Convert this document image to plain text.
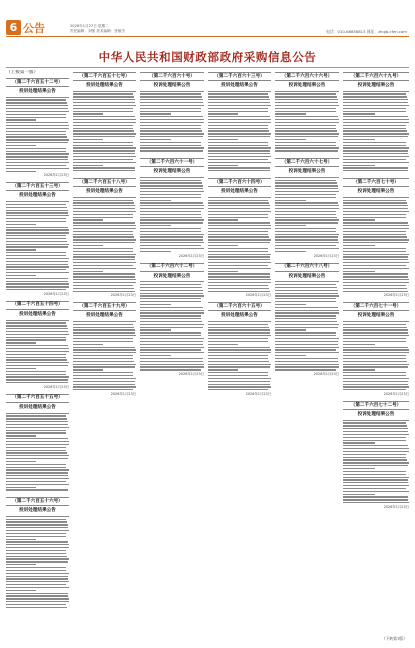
6 公告	2026年1月27日 星期二
责任编辑：刘强 美术编辑：张敏杰	电话：010-68858813 网址：zfcgb.cfen.com
中华人民共和国财政部政府采购信息公告
（上接第一版）
（第二千六百五十二号）
投诉处理结果公告
2026年1月23日
（第二千六百五十三号）
投诉处理结果公告
2026年1月23日
（第二千六百五十四号）
投诉处理结果公告
2026年1月23日
（第二千六百五十五号）
投诉处理结果公告
（第二千六百五十六号）
投诉处理结果公告
（第二千六百五十七号）
投诉处理结果公告
（第二千六百五十八号）
投诉处理结果公告
2026年1月23日
（第二千六百五十九号）
投诉处理结果公告
2026年1月23日
（第二千六百六十号）
投诉处理结果公告
（第二千六百六十一号）
投诉处理结果公告
2026年1月23日
（第二千六百六十二号）
投诉处理结果公告
2026年1月23日
（第二千六百六十三号）
投诉处理结果公告
（第二千六百六十四号）
投诉处理结果公告
2026年1月23日
（第二千六百六十五号）
投诉处理结果公告
2026年1月23日
（第二千六百六十六号）
投诉处理结果公告
（第二千六百六十七号）
投诉处理结果公告
2026年1月23日
（第二千六百六十八号）
投诉处理结果公告
2026年1月23日
（第二千六百六十九号）
投诉处理结果公告
（第二千六百七十号）
投诉处理结果公告
2026年1月23日
（第二千六百七十一号）
投诉处理结果公告
2026年1月23日
（第二千六百七十二号）
投诉处理结果公告
2026年1月23日
（下转第7版）
